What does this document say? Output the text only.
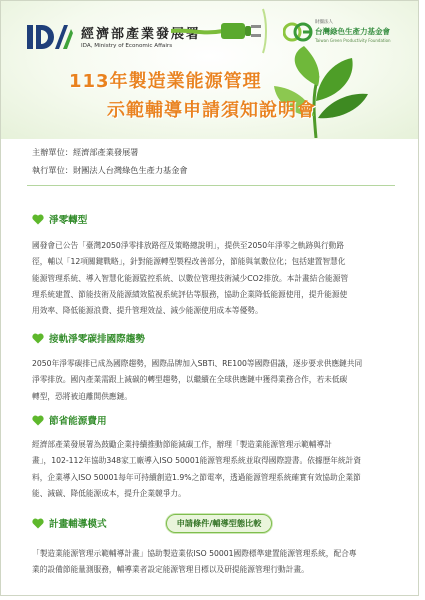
經濟部產業發展署
IDA, Ministry of Economic Affairs
財團法人
台灣綠色生產力基金會
Taiwan Green Productivity Foundation
113年製造業能源管理
示範輔導申請須知說明會
主辦單位：經濟部產業發展署
執行單位：財團法人台灣綠色生產力基金會
淨零轉型
國發會已公告「臺灣2050淨零排放路徑及策略總說明」，提供至2050年淨零之軌跡與行動路
徑，輔以「12項關鍵戰略」，針對能源轉型製程改善部分，節能與氧數位化；包括建置智慧化
能源管理系統、導入智慧化能源監控系統、以數位管理技術減少CO2排放。本計畫結合能源管
理系統建置、節能技術及能源績效監視系統評估等服務，協助企業降低能源使用，提升能源使
用效率、降低能源浪費、提升管理效益、減少能源使用成本等優勢。
接軌淨零碳排國際趨勢
2050年淨零碳排已成為國際趨勢，國際品牌加入SBTi、RE100等國際倡議，逐步要求供應鏈共同
淨零排放。國內產業需跟上減碳的轉型趨勢，以繼續在全球供應鏈中獲得業務合作，若未低碳
轉型，恐將被迫離開供應鏈。
節省能源費用
經濟部產業發展署為鼓勵企業持續推動節能減碳工作，辦理「製造業能源管理示範輔導計
畫」，102-112年協助348家工廠導入ISO 50001能源管理系統並取得國際證書。依據歷年統計資
料，企業導入ISO 50001每年可持續創造1.9%之節電率，透過能源管理系統確實有效協助企業節
能、減碳、降低能源成本，提升企業競爭力。
計畫輔導模式	申請條件/輔導型態比較
「製造業能源管理示範輔導計畫」協助製造業依ISO 50001國際標準建置能源管理系統，配合專
業的設備節能量測服務，輔導業者設定能源管理目標以及研提能源管理行動計畫。
